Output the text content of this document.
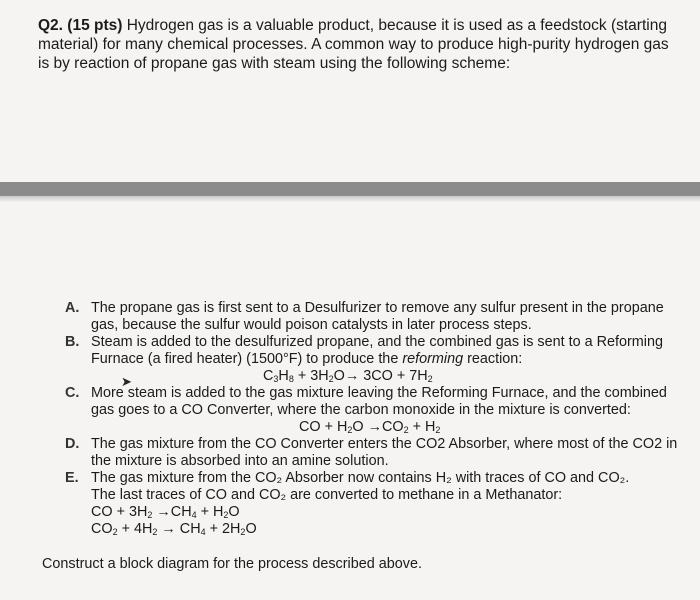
Q2. (15 pts) Hydrogen gas is a valuable product, because it is used as a feedstock (starting material) for many chemical processes. A common way to produce high-purity hydrogen gas is by reaction of propane gas with steam using the following scheme:
A. The propane gas is first sent to a Desulfurizer to remove any sulfur present in the propane gas, because the sulfur would poison catalysts in later process steps.
B. Steam is added to the desulfurized propane, and the combined gas is sent to a Reforming Furnace (a fired heater) (1500°F) to produce the reforming reaction:
$C_3H_8 + 3H_2O\to 3CO + 7H_2$
C. More steam is added to the gas mixture leaving the Reforming Furnace, and the combined gas goes to a CO Converter, where the carbon monoxide in the mixture is converted:
CO + $H_2O \to CO_2 + H_2$
D. The gas mixture from the CO Converter enters the CO2 Absorber, where most of the CO2 in the mixture is absorbed into an amine solution.
E. The gas mixture from the CO₂ Absorber now contains H₂ with traces of CO and CO₂.
The last traces of CO and CO₂ are converted to methane in a Methanator:
CO + $3H_2 \to CH_4 + H_2O$
$CO_2 + 4H_2 \to CH_4 + 2H_2O$
➤
Construct a block diagram for the process described above.
